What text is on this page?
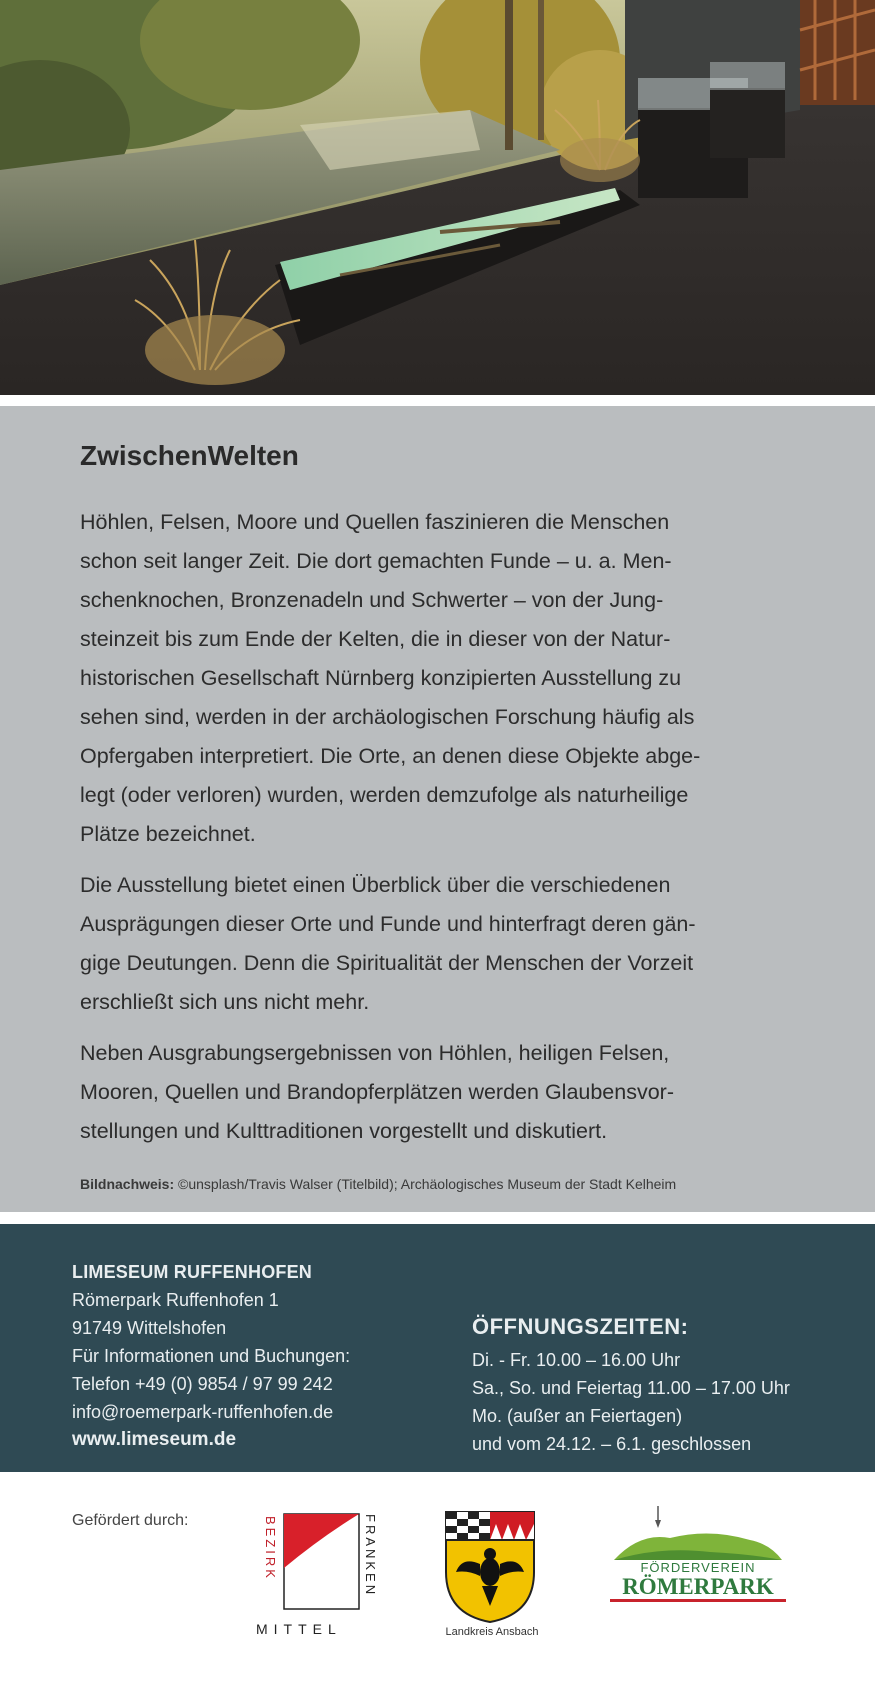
ZwischenWelten

Höhlen, Felsen, Moore und Quellen faszinieren die Menschen
schon seit langer Zeit. Die dort gemachten Funde – u. a. Men-
schenknochen, Bronzenadeln und Schwerter – von der Jung-
steinzeit bis zum Ende der Kelten, die in dieser von der Natur-
historischen Gesellschaft Nürnberg konzipierten Ausstellung zu
sehen sind, werden in der archäologischen Forschung häufig als
Opfergaben interpretiert. Die Orte, an denen diese Objekte abge-
legt (oder verloren) wurden, werden demzufolge als naturheilige
Plätze bezeichnet.

Die Ausstellung bietet einen Überblick über die verschiedenen
Ausprägungen dieser Orte und Funde und hinterfragt deren gän-
gige Deutungen. Denn die Spiritualität der Menschen der Vorzeit
erschließt sich uns nicht mehr.

Neben Ausgrabungsergebnissen von Höhlen, heiligen Felsen,
Mooren, Quellen und Brandopferplätzen werden Glaubensvor-
stellungen und Kulttraditionen vorgestellt und diskutiert.

Bildnachweis: ©unsplash/Travis Walser (Titelbild); Archäologisches Museum der Stadt Kelheim
LIMESEUM RUFFENHOFEN
Römerpark Ruffenhofen 1
91749 Wittelshofen
Für Informationen und Buchungen:
Telefon +49 (0) 9854 / 97 99 242
info@roemerpark-ruffenhofen.de
www.limeseum.de
ÖFFNUNGSZEITEN:
Di. - Fr. 10.00 – 16.00 Uhr
Sa., So. und Feiertag 11.00 – 17.00 Uhr
Mo. (außer an Feiertagen)
und vom 24.12. – 6.1. geschlossen
Gefördert durch:	BEZIRK	FRANKEN
MITTEL	Landkreis Ansbach
FÖRDERVEREIN
RÖMERPARK
